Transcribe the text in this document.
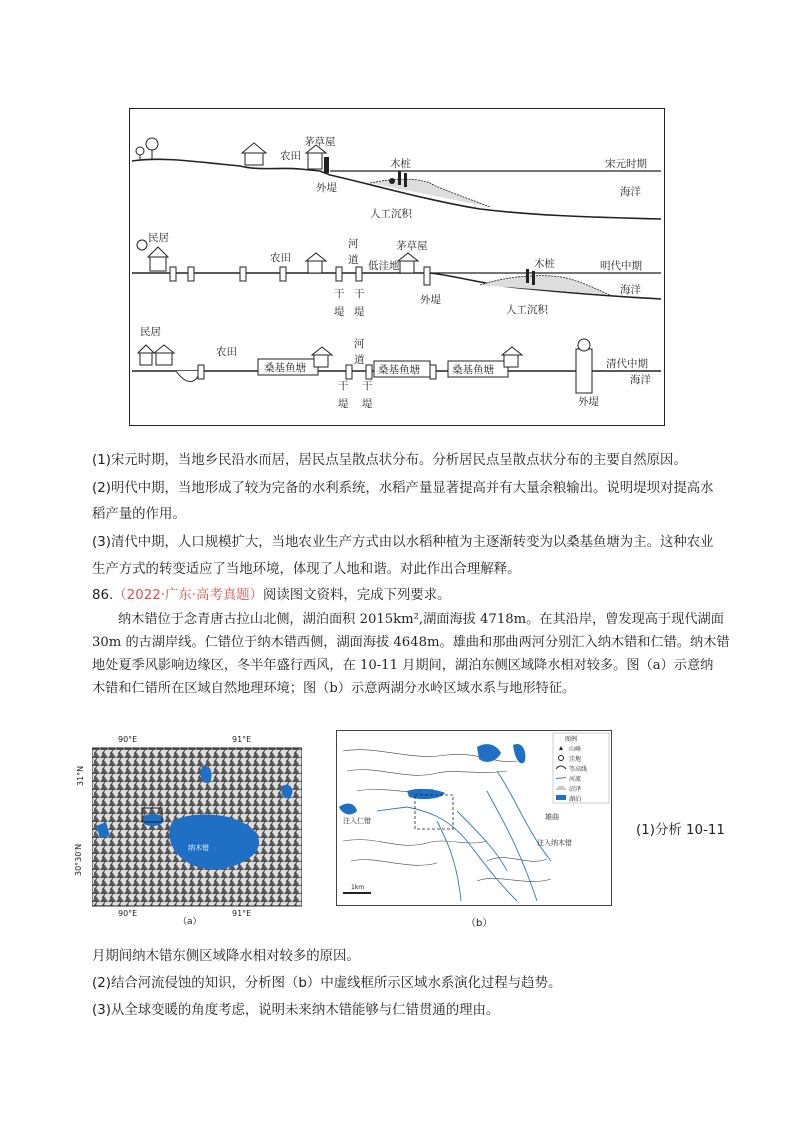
茅草屋
农田
木桩	宋元时期
外堤	海洋
人工沉积
民居	河
道
茅草屋
农田
低洼地	木桩	明代中期
干
堤
干
堤
外堤
海洋
人工沉积
民居
农田
河
道
桑基鱼塘	桑基鱼塘	桑基鱼塘	清代中期
海洋
干
堤
干
堤	外堤
(1)宋元时期，当地乡民沿水而居，居民点呈散点状分布。分析居民点呈散点状分布的主要自然原因。
(2)明代中期，当地形成了较为完备的水利系统，水稻产量显著提高并有大量余粮输出。说明堤坝对提高水
稻产量的作用。
(3)清代中期，人口规模扩大，当地农业生产方式由以水稻种植为主逐渐转变为以桑基鱼塘为主。这种农业
生产方式的转变适应了当地环境，体现了人地和谐。对此作出合理解释。
86.（2022·广东·高考真题）阅读图文资料，完成下列要求。
纳木错位于念青唐古拉山北侧，湖泊面积 2015km²,湖面海拔 4718m。在其沿岸，曾发现高于现代湖面
30m 的古湖岸线。仁错位于纳木错西侧，湖面海拔 4648m。雄曲和那曲两河分别汇入纳木错和仁错。纳木错
地处夏季风影响边缘区，冬半年盛行西风，在 10-11 月期间，湖泊东侧区域降水相对较多。图（a）示意纳
木错和仁错所在区域自然地理环境；图（b）示意两湖分水岭区域水系与地形特征。
纳木错
90°E	91°E
90°E	91°E
（a）
31°N
30°30′N
注入仁错	雄曲
注入纳木错
1km
图例
山峰
洼地
等高线
河流
沼泽
湖泊
（b）
(1)分析 10-11
月期间纳木错东侧区域降水相对较多的原因。
(2)结合河流侵蚀的知识，分析图（b）中虚线框所示区域水系演化过程与趋势。
(3)从全球变暖的角度考虑，说明未来纳木错能够与仁错贯通的理由。
